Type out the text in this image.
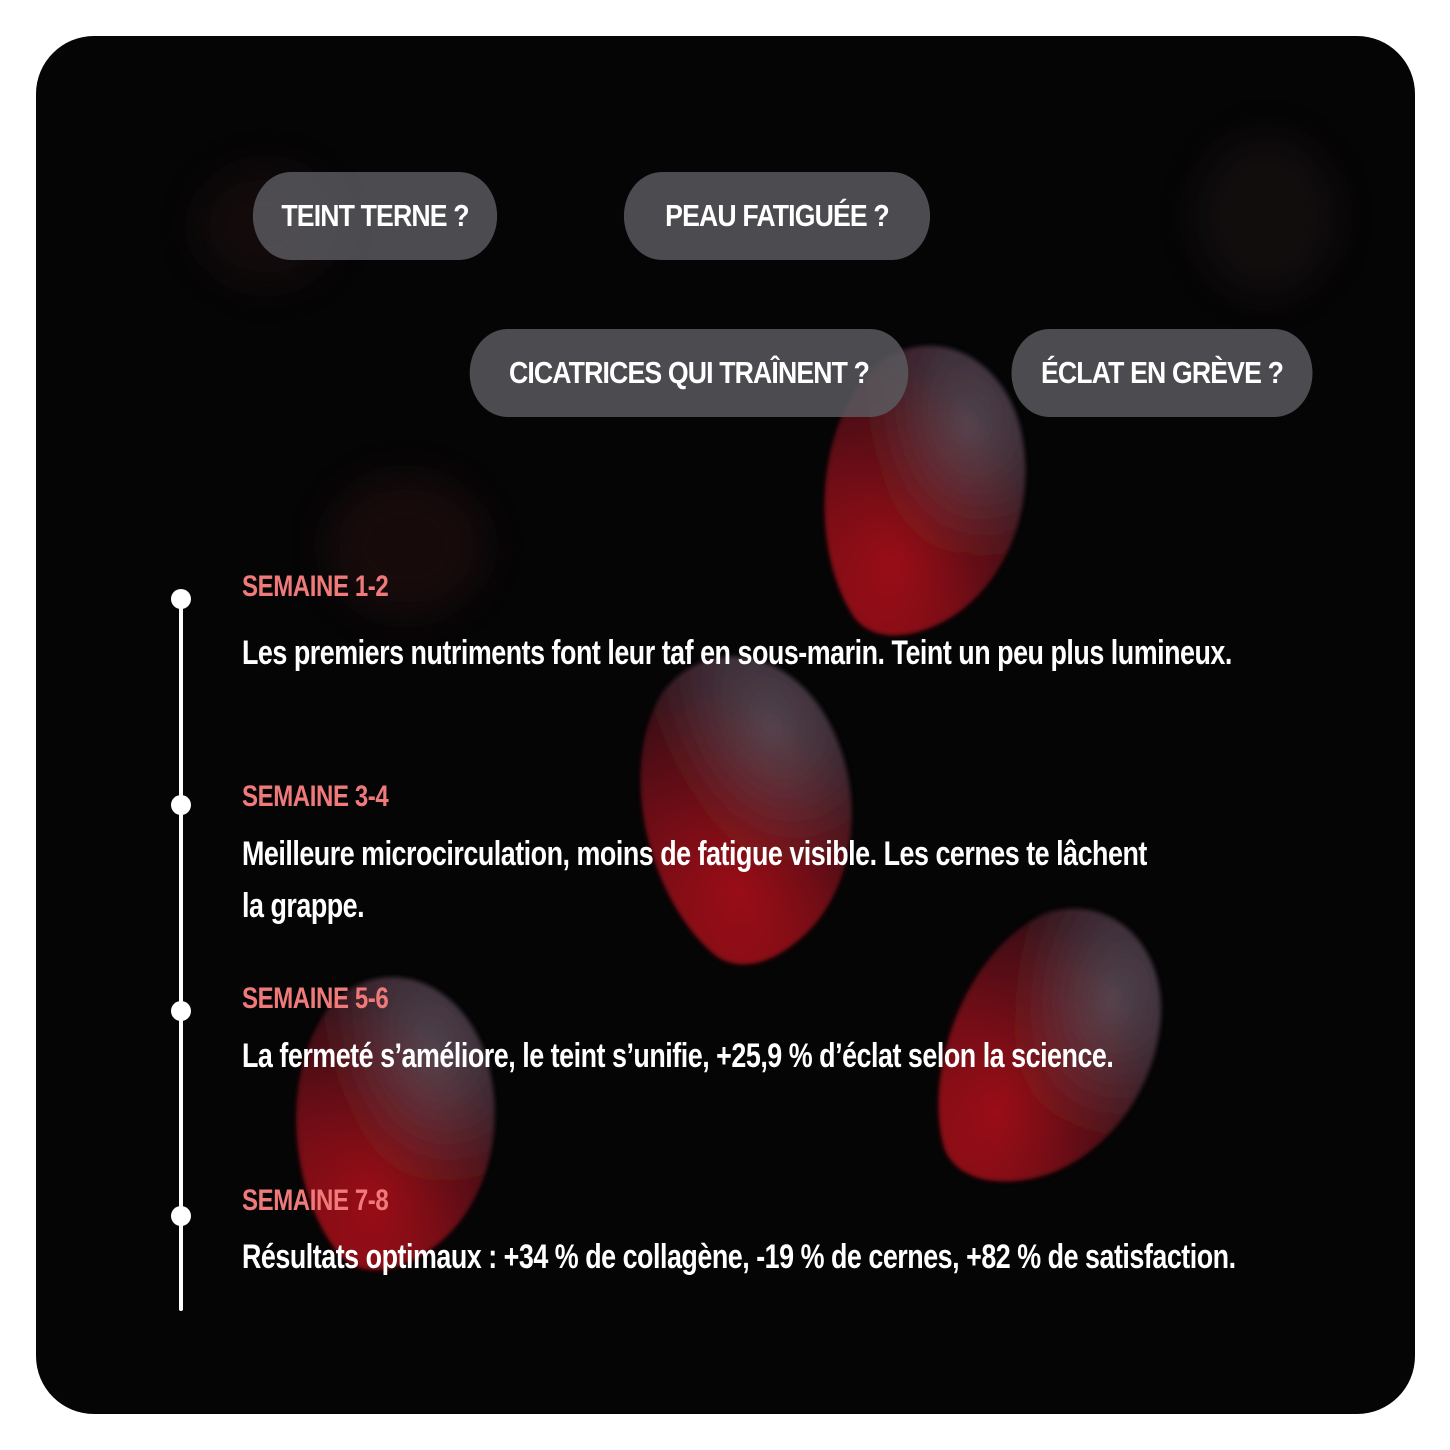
TEINT TERNE ?	PEAU FATIGUÉE ?
CICATRICES QUI TRAÎNENT ?	ÉCLAT EN GRÈVE ?
SEMAINE 1-2
Les premiers nutriments font leur taf en sous-marin. Teint un peu plus lumineux.
SEMAINE 3-4
Meilleure microcirculation, moins de fatigue visible. Les cernes te lâchent
la grappe.
SEMAINE 5-6
La fermeté s’améliore, le teint s’unifie, +25,9 % d’éclat selon la science.
SEMAINE 7-8
Résultats optimaux : +34 % de collagène, -19 % de cernes, +82 % de satisfaction.
